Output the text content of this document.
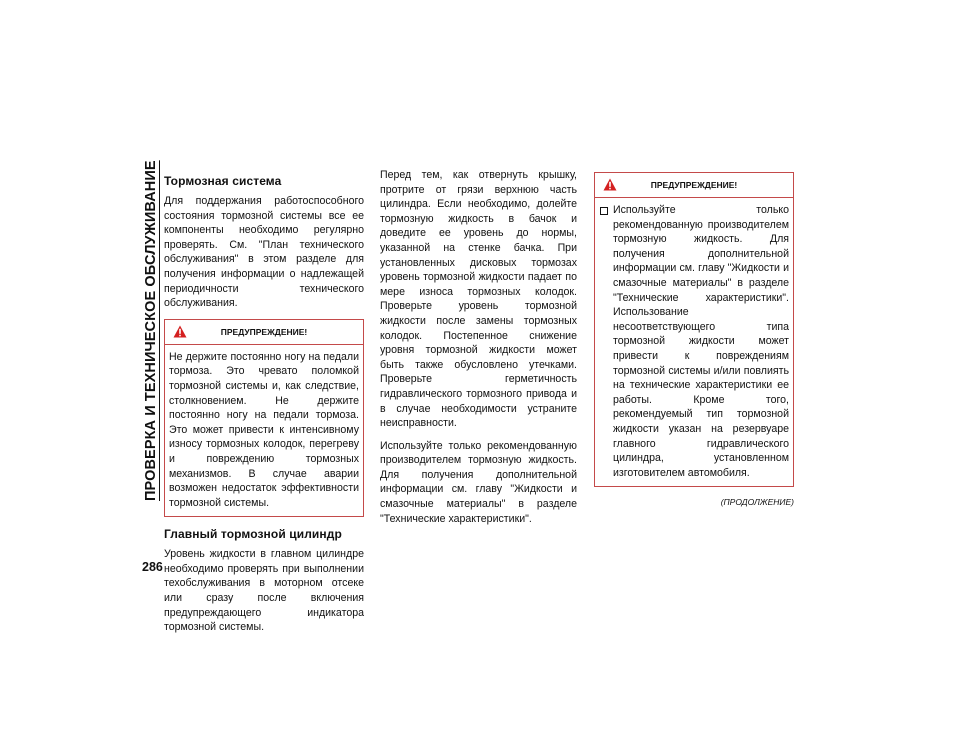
ПРОВЕРКА И ТЕХНИЧЕСКОЕ ОБСЛУЖИВАНИЕ
286
Тормозная система

Для поддержания работоспособного состояния тормозной системы все ее компоненты необходимо регулярно проверять. См. "План технического обслуживания" в этом разделе для получения информации о надлежащей периодичности технического обслуживания.

ПРЕДУПРЕЖДЕНИЕ!

Не держите постоянно ногу на педали тормоза. Это чревато поломкой тормозной системы и, как следствие, столкновением. Не держите постоянно ногу на педали тормоза. Это может привести к интенсивному износу тормозных колодок, перегреву и повреждению тормозных механизмов. В случае аварии возможен недостаток эффективности тормозной системы.

Главный тормозной цилиндр

Уровень жидкости в главном цилиндре необходимо проверять при выполнении техобслуживания в моторном отсеке или сразу после включения предупреждающего индикатора тормозной системы.

Перед тем, как отвернуть крышку, протрите от грязи верхнюю часть цилиндра. Если необходимо, долейте тормозную жидкость в бачок и доведите ее уровень до нормы, указанной на стенке бачка. При установленных дисковых тормозах уровень тормозной жидкости падает по мере износа тормозных колодок. Проверьте уровень тормозной жидкости после замены тормозных колодок. Постепенное снижение уровня тормозной жидкости может быть также обусловлено утечками. Проверьте герметичность гидравлического тормозного привода и в случае необходимости устраните неисправности.

Используйте только рекомендованную производителем тормозную жидкость. Для получения дополнительной информации см. главу "Жидкости и смазочные материалы" в разделе "Технические характеристики".

ПРЕДУПРЕЖДЕНИЕ!

Используйте только рекомендованную производителем тормозную жидкость. Для получения дополнительной информации см. главу "Жидкости и смазочные материалы" в разделе "Технические характеристики". Использование несоответствующего типа тормозной жидкости может привести к повреждениям тормозной системы и/или повлиять на технические характеристики ее работы. Кроме того, рекомендуемый тип тормозной жидкости указан на резервуаре главного гидравлического цилиндра, установленном изготовителем автомобиля.

(ПРОДОЛЖЕНИЕ)
